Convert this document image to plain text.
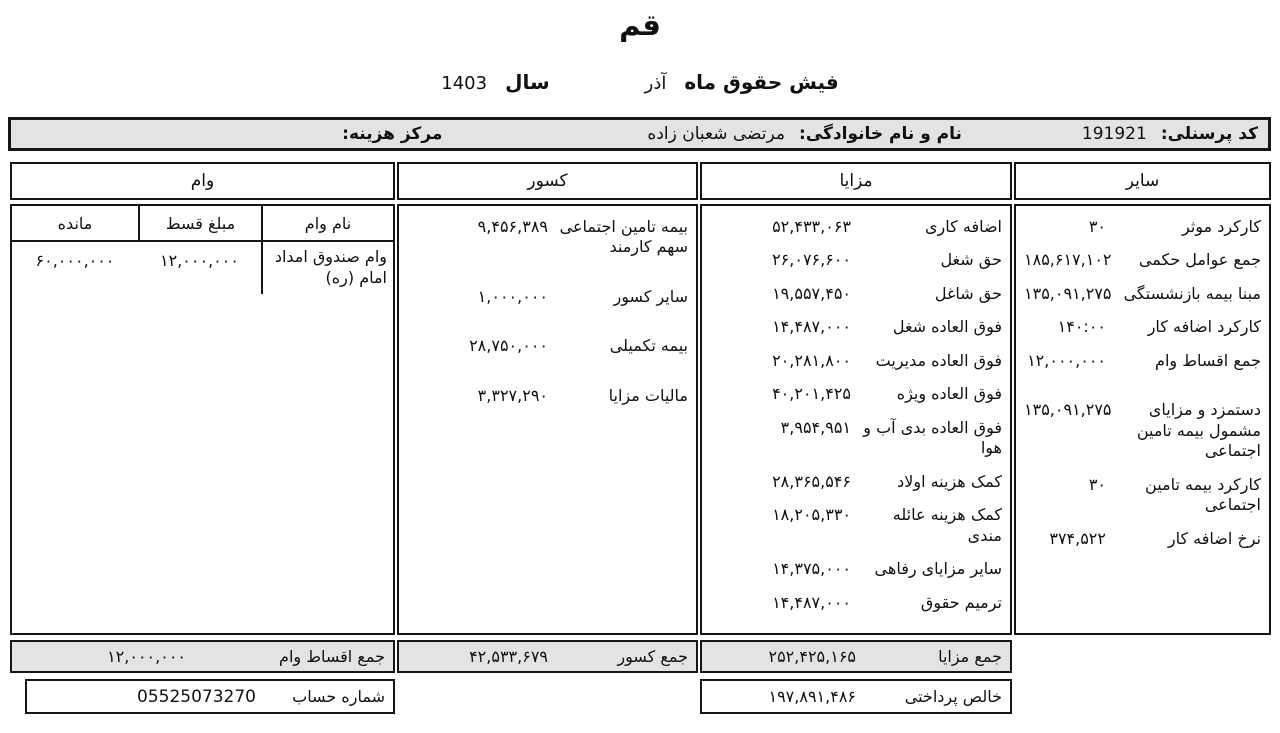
قم
فیش حقوق ماه
آذر
سال
1403
کد پرسنلی:
191921
نام و نام خانوادگی:
مرتضی شعبان زاده
مرکز هزینه:
سایر
مزایا
کسور
وام
کارکرد موثر
۳۰
جمع عوامل حکمی
۱۸۵,۶۱۷,۱۰۲
مبنا بیمه بازنشستگی
۱۳۵,۰۹۱,۲۷۵
کارکرد اضافه کار
۱۴۰:۰۰
جمع اقساط وام
۱۲,۰۰۰,۰۰۰
دستمزد و مزایای مشمول بیمه تامین اجتماعی
۱۳۵,۰۹۱,۲۷۵
کارکرد بیمه تامین اجتماعی
۳۰
نرخ اضافه کار
۳۷۴,۵۲۲
اضافه کاری
۵۲,۴۳۳,۰۶۳
حق شغل
۲۶,۰۷۶,۶۰۰
حق شاغل
۱۹,۵۵۷,۴۵۰
فوق العاده شغل
۱۴,۴۸۷,۰۰۰
فوق العاده مدیریت
۲۰,۲۸۱,۸۰۰
فوق العاده ویژه
۴۰,۲۰۱,۴۲۵
فوق العاده بدی آب و هوا
۳,۹۵۴,۹۵۱
کمک هزینه اولاد
۲۸,۳۶۵,۵۴۶
کمک هزینه عائله مندی
۱۸,۲۰۵,۳۳۰
سایر مزایای رفاهی
۱۴,۳۷۵,۰۰۰
ترمیم حقوق
۱۴,۴۸۷,۰۰۰
بیمه تامین اجتماعی سهم کارمند
۹,۴۵۶,۳۸۹
سایر کسور
۱,۰۰۰,۰۰۰
بیمه تکمیلی
۲۸,۷۵۰,۰۰۰
مالیات مزایا
۳,۳۲۷,۲۹۰
نام وام
مبلغ قسط
مانده
وام صندوق امداد امام (ره)
۱۲,۰۰۰,۰۰۰
۶۰,۰۰۰,۰۰۰
جمع مزایا
۲۵۲,۴۲۵,۱۶۵
جمع کسور
۴۲,۵۳۳,۶۷۹
جمع اقساط وام
۱۲,۰۰۰,۰۰۰
خالص پرداختی
۱۹۷,۸۹۱,۴۸۶
شماره حساب
05525073270
